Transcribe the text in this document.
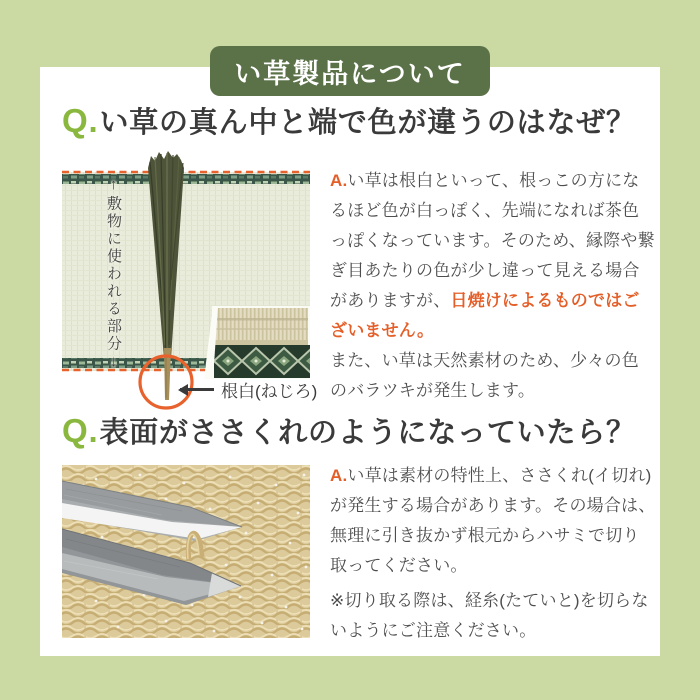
い草製品について
Q.い草の真ん中と端で色が違うのはなぜ？
↑敷物に使われる部分↓
根白(ねじろ)

A.い草は根白といって、根っこの方になるほど色が白っぽく、先端になれば茶色っぽくなっています。そのため、縁際や繋ぎ目あたりの色が少し違って見える場合がありますが、日焼けによるものではございません。
また、い草は天然素材のため、少々の色のバラツキが発生します。

Q.表面がささくれのようになっていたら？

A.い草は素材の特性上、ささくれ(イ切れ)が発生する場合があります。その場合は、無理に引き抜かず根元からハサミで切り取ってください。

※切り取る際は、経糸(たていと)を切らないようにご注意ください。
